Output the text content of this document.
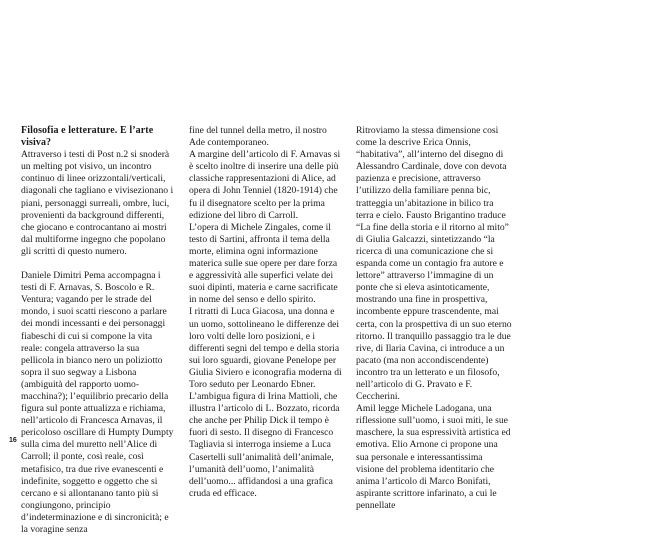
Filosofia e letterature. E l’arte visiva?

Attraverso i testi di Post n.2 si snoderà un melting pot visivo, un incontro continuo di linee orizzontali/verticali, diagonali che tagliano e vivisezionano i piani, personaggi surreali, ombre, luci, provenienti da background differenti, che giocano e controcantano ai mostri dal multiforme ingegno che popolano gli scritti di questo numero.

Daniele Dimitri Pema accompagna i testi di F. Arnavas, S. Boscolo e R. Ventura; vagando per le strade del mondo, i suoi scatti riescono a parlare dei mondi incessanti e dei personaggi fiabeschi di cui si compone la vita reale: congela attraverso la sua pellicola in bianco nero un poliziotto sopra il suo segway a Lisbona (ambiguità del rapporto uomo-macchina?); l’equilibrio precario della figura sul ponte attualizza e richiama, nell’articolo di Francesca Arnavas, il pericoloso oscillare di Humpty Dumpty sulla cima del muretto nell’Alice di Carroll; il ponte, così reale, così metafisico, tra due rive evanescenti e indefinite, soggetto e oggetto che si cercano e si allontanano tanto più si congiungono, principio d’indeterminazione e di sincronicità; e la voragine senza

fine del tunnel della metro, il nostro Ade contemporaneo.

A margine dell’articolo di F. Arnavas si è scelto inoltre di inserire una delle più classiche rappresentazioni di Alice, ad opera di John Tenniel (1820-1914) che fu il disegnatore scelto per la prima edizione del libro di Carroll.

L’opera di Michele Zingales, come il testo di Sartini, affronta il tema della morte, elimina ogni informazione materica sulle sue opere per dare forza e aggressività alle superfici velate dei suoi dipinti, materia e carne sacrificate in nome del senso e dello spirito.

I ritratti di Luca Giacosa, una donna e un uomo, sottolineano le differenze dei loro volti delle loro posizioni, e i differenti segni del tempo e della storia sui loro sguardi, giovane Penelope per Giulia Siviero e iconografia moderna di Toro seduto per Leonardo Ebner. L’ambigua figura di Irina Mattioli, che illustra l’articolo di L. Bozzato, ricorda che anche per Philip Dick il tempo è fuori di sesto. Il disegno di Francesco Tagliavia si interroga insieme a Luca Casertelli sull’animalità dell’animale, l’umanità dell’uomo, l’animalità dell’uomo... affidandosi a una grafica cruda ed efficace.

Ritroviamo la stessa dimensione così come la descrive Erica Onnis, “habitativa”, all’interno del disegno di Alessandro Cardinale, dove con devota pazienza e precisione, attraverso l’utilizzo della familiare penna bic, tratteggia un’abitazione in bilico tra terra e cielo. Fausto Brigantino traduce “La fine della storia e il ritorno al mito” di Giulia Galcazzi, sintetizzando “la ricerca di una comunicazione che si espanda come un contagio fra autore e lettore” attraverso l’immagine di un ponte che si eleva asintoticamente, mostrando una fine in prospettiva, incombente eppure trascendente, mai certa, con la prospettiva di un suo eterno ritorno. Il tranquillo passaggio tra le due rive, di Ilaria Cavina, ci introduce a un pacato (ma non accondiscendente) incontro tra un letterato e un filosofo, nell’articolo di G. Pravato e F. Ceccherini.

Amil legge Michele Ladogana, una riflessione sull’uomo, i suoi miti, le sue maschere, la sua espressività artistica ed emotiva. Elio Arnone ci propone una sua personale e interessantissima visione del problema identitario che anima l’articolo di Marco Bonifati, aspirante scrittore infarinato, a cui le pennellate

16
